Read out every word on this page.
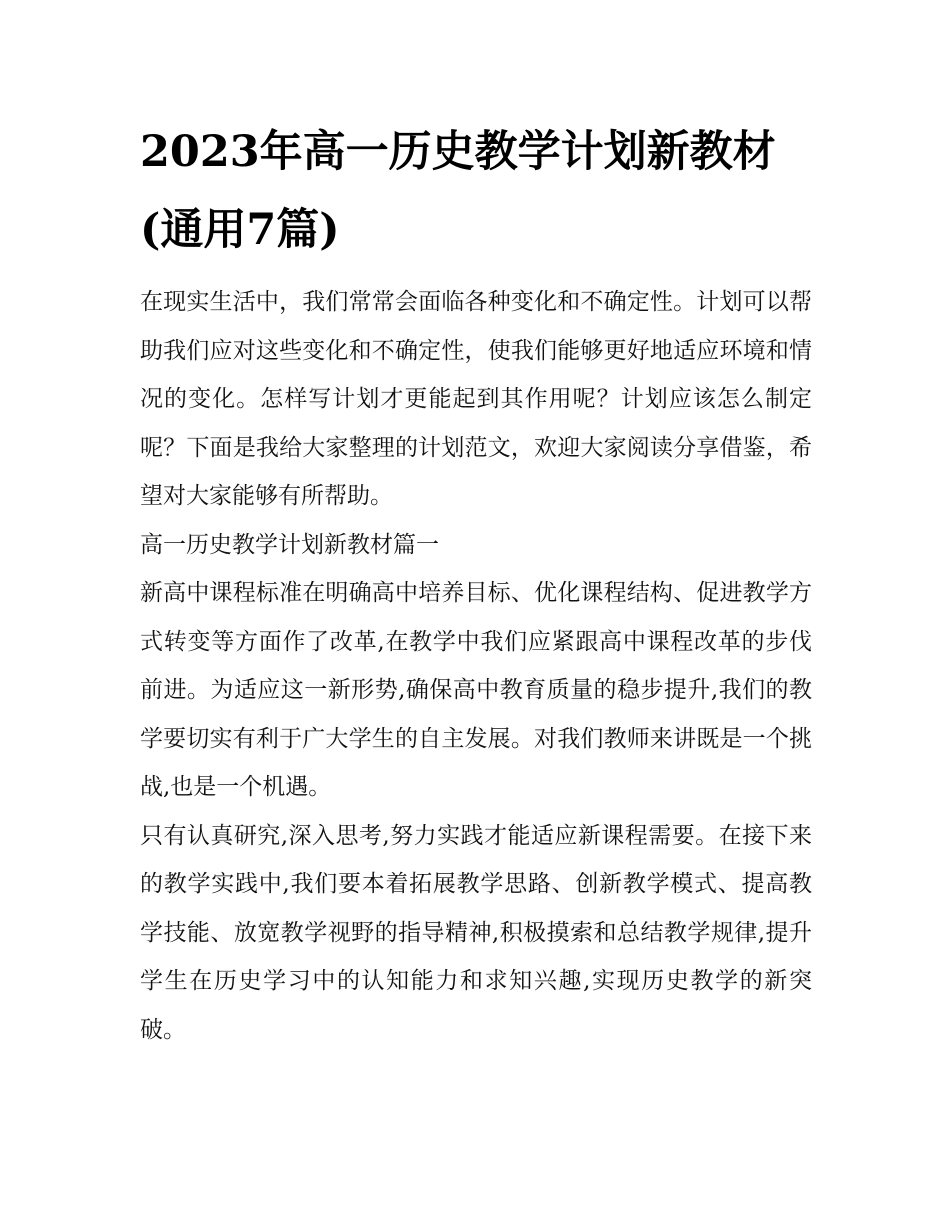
2023年高一历史教学计划新教材(通用7篇)

在现实生活中，我们常常会面临各种变化和不确定性。计划可以帮助我们应对这些变化和不确定性，使我们能够更好地适应环境和情况的变化。怎样写计划才更能起到其作用呢？计划应该怎么制定呢？下面是我给大家整理的计划范文，欢迎大家阅读分享借鉴，希望对大家能够有所帮助。

高一历史教学计划新教材篇一

新高中课程标准在明确高中培养目标、优化课程结构、促进教学方式转变等方面作了改革,在教学中我们应紧跟高中课程改革的步伐前进。为适应这一新形势,确保高中教育质量的稳步提升,我们的教学要切实有利于广大学生的自主发展。对我们教师来讲既是一个挑战,也是一个机遇。

只有认真研究,深入思考,努力实践才能适应新课程需要。在接下来的教学实践中,我们要本着拓展教学思路、创新教学模式、提高教学技能、放宽教学视野的指导精神,积极摸索和总结教学规律,提升学生在历史学习中的认知能力和求知兴趣,实现历史教学的新突破。
